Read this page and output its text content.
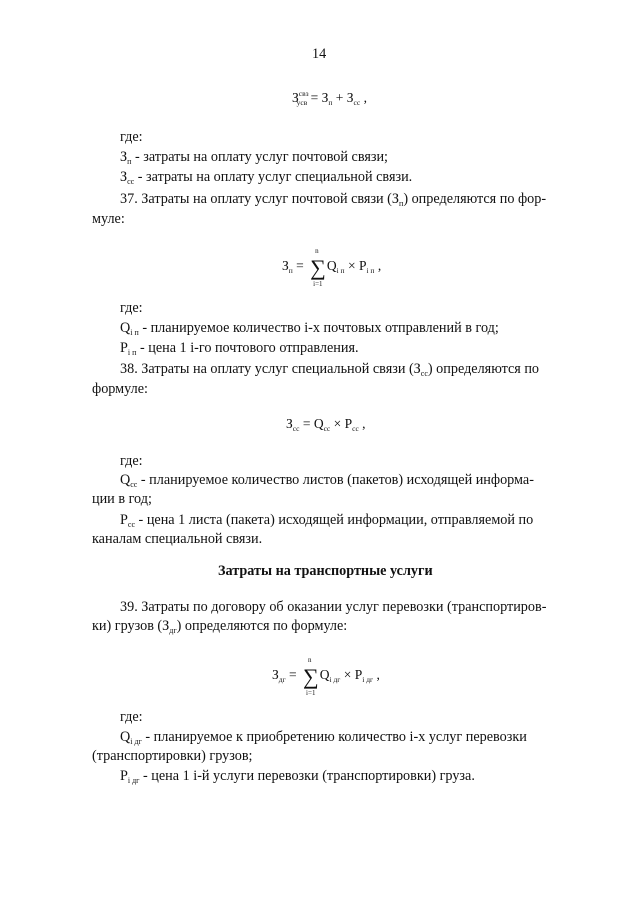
14
$З^{свз}_{усв} = З_п + З_{сс}$ ,
где:
$З_п$ - затраты на оплату услуг почтовой связи;
$З_{сс}$ - затраты на оплату услуг специальной связи.
37. Затраты на оплату услуг почтовой связи $(З_п)$ определяются по фор-
муле:
$З_п$ = ∑
n
i=1
$Q_{i п} \times P_{i п}$ ,
где:
$Q_{i п}$ - планируемое количество i-х почтовых отправлений в год;
$P_{i п}$ - цена 1 i-го почтового отправления.
38. Затраты на оплату услуг специальной связи $(З_{сс})$ определяются по
формуле:
$З_{сс} = Q_{сс} \times P_{сс}$ ,
где:
$Q_{сс}$ - планируемое количество листов (пакетов) исходящей информа-
ции в год;
$P_{сс}$ - цена 1 листа (пакета) исходящей информации, отправляемой по
каналам специальной связи.
Затраты на транспортные услуги
39. Затраты по договору об оказании услуг перевозки (транспортиров-
ки) грузов $(З_{дг})$ определяются по формуле:
$З_{дг}$ = ∑
n
i=1
$Q_{i дг} \times P_{i дг}$ ,
где:
$Q_{i дг}$ - планируемое к приобретению количество i-х услуг перевозки
(транспортировки) грузов;
$P_{i дг}$ - цена 1 i-й услуги перевозки (транспортировки) груза.
